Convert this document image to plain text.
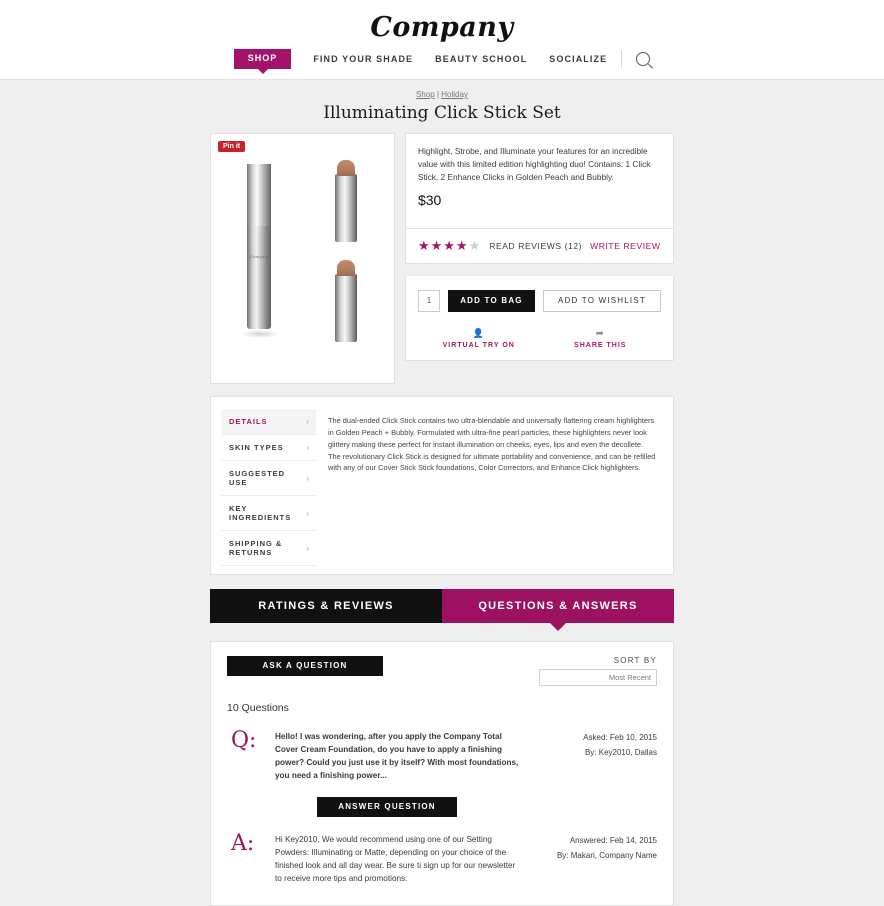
Company
SHOP	FIND YOUR SHADE BEAUTY SCHOOL SOCIALIZE
Shop | Holiday
Illuminating Click Stick Set
Pin it
Company
Highlight, Strobe, and Illuminate your features for an incredible value with this limited edition highlighting duo! Contains: 1 Click Stick, 2 Enhance Clicks in Golden Peach and Bubbly.
$30
★★★★★ READ REVIEWS (12) WRITE REVIEW
1	ADD TO BAG	ADD TO WISHLIST
👤
VIRTUAL TRY ON
➦
SHARE THIS
DETAILS	›
SKIN TYPES	›
SUGGESTED USE	›
KEY INGREDIENTS	›
SHIPPING & RETURNS	›
The dual-ended Click Stick contains two ultra-blendable and universally flattering cream highlighters in Golden Peach + Bubbly. Formulated with ultra-fine pearl particles, these highlighters never look glittery making these perfect for instant illumination on cheeks, eyes, lips and even the decollete. The revolutionary Click Stick is designed for ultimate portability and convenience, and can be refilled with any of our Cover Stick Stick foundations, Color Correctors, and Enhance Click highlighters.
RATINGS & REVIEWS	QUESTIONS & ANSWERS
ASK A QUESTION
SORT BY
Most Recent
10 Questions
Q:	Hello! I was wondering, after you apply the Company Total Cover Cream Foundation, do you have to apply a finishing power? Could you just use it by itself? With most foundations, you need a finishing power...
Asked: Feb 10, 2015
By: Key2010, Dallas
ANSWER QUESTION
A:	Hi Key2010, We would recommend using one of our Setting Powders: Illuminating or Matte, depending on your choice of the finished look and all day wear. Be sure ti sign up for our newsletter to receive more tips and promotions.
Answered: Feb 14, 2015
By: Makari, Company Name
